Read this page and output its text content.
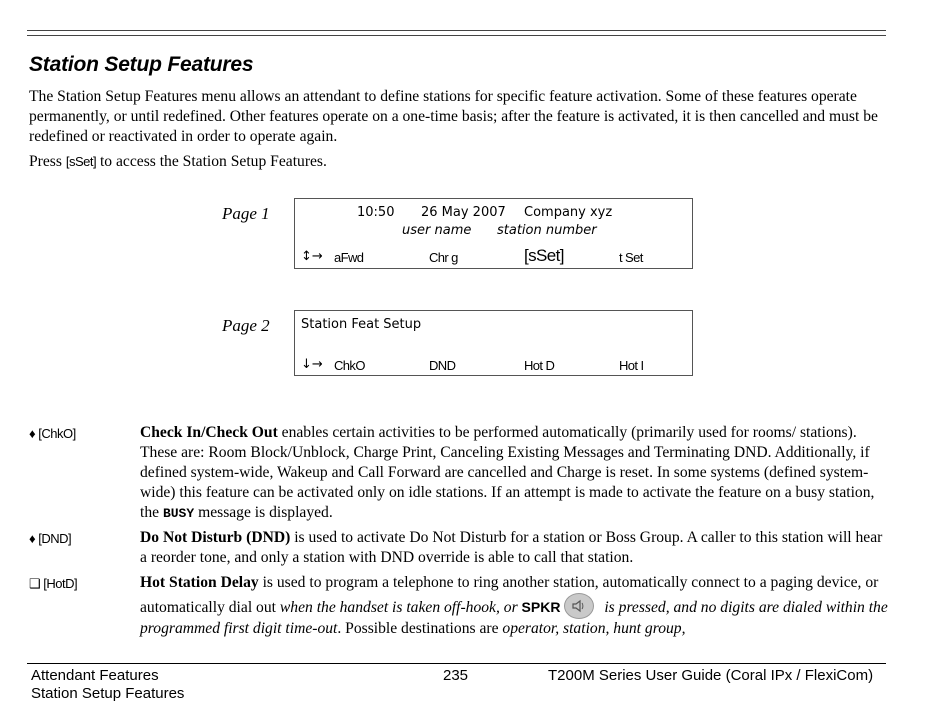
Station Setup Features

The Station Setup Features menu allows an attendant to define stations for specific feature activation. Some of these features operate permanently, or until redefined. Other features operate on a one-time basis; after the feature is activated, it is then cancelled and must be redefined or reactivated in order to operate again.

Press [sSet] to access the Station Setup Features.

Page 1	10:50 26 May 2007 Company xyz
user name station number
↕→ aFwd	Chr g	[sSet]	t Set
Page 2 Station Feat Setup
↓→ ChkO	DND	Hot D	Hot I
♦ [ChkO]	Check In/Check Out enables certain activities to be performed automatically (primarily used for rooms/ stations). These are: Room Block/Unblock, Charge Print, Canceling Existing Messages and Terminating DND. Additionally, if defined system-wide, Wakeup and Call Forward are cancelled and Charge is reset. In some systems (defined system-wide) this feature can be activated only on idle stations. If an attempt is made to activate the feature on a busy station, the BUSY message is displayed.

♦ [DND]	Do Not Disturb (DND) is used to activate Do Not Disturb for a station or Boss Group. A caller to this station will hear a reorder tone, and only a station with DND override is able to call that station.

❑ [HotD]	Hot Station Delay is used to program a telephone to ring another station, automatically connect to a paging device, or automatically dial out when the handset is taken off-hook, or SPKR	is pressed, and no digits are dialed within the programmed first digit time-out. Possible destinations are operator, station, hunt group,

Attendant Features
Station Setup Features
235	T200M Series User Guide (Coral IPx / FlexiCom)
